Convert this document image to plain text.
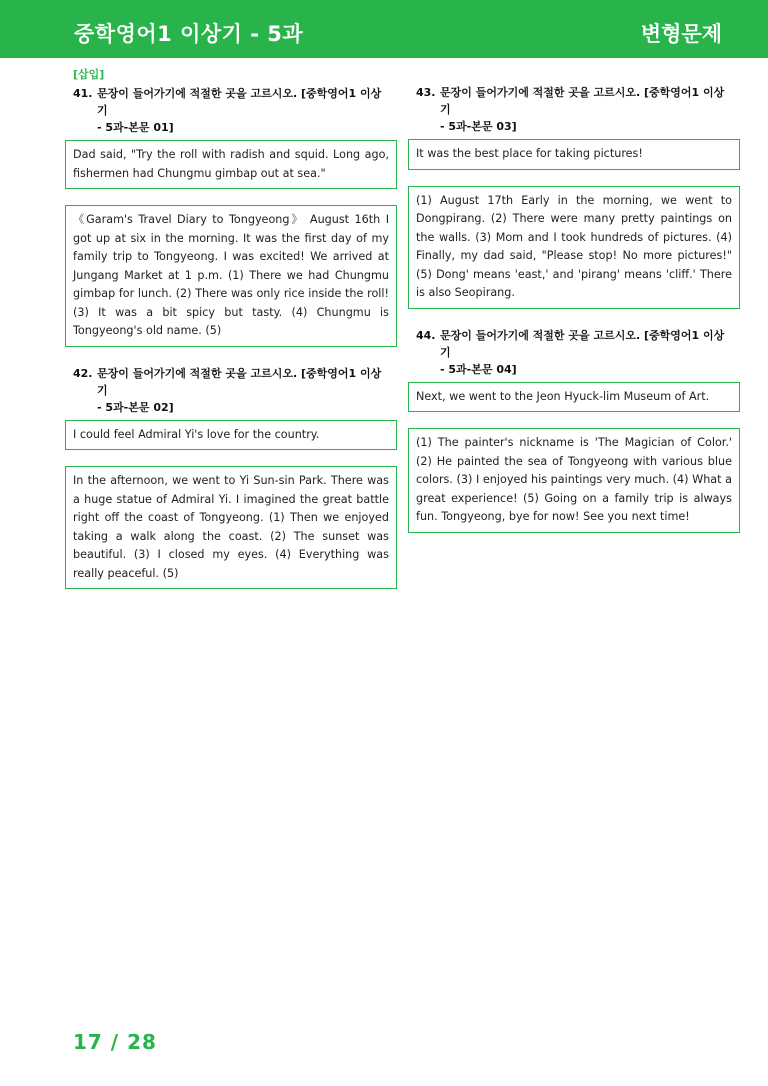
중학영어1 이상기 - 5과	변형문제
[삽입]
41. 문장이 들어가기에 적절한 곳을 고르시오. [중학영어1 이상기
- 5과-본문 01]
Dad said, "Try the roll with radish and squid. Long ago, fishermen had Chungmu gimbap out at sea."
《Garam's Travel Diary to Tongyeong》 August 16th I got up at six in the morning. It was the first day of my family trip to Tongyeong. I was excited! We arrived at Jungang Market at 1 p.m. (1) There we had Chungmu gimbap for lunch. (2) There was only rice inside the roll! (3) It was a bit spicy but tasty. (4) Chungmu is Tongyeong's old name. (5)
42. 문장이 들어가기에 적절한 곳을 고르시오. [중학영어1 이상기
- 5과-본문 02]
I could feel Admiral Yi's love for the country.
In the afternoon, we went to Yi Sun-sin Park. There was a huge statue of Admiral Yi. I imagined the great battle right off the coast of Tongyeong. (1) Then we enjoyed taking a walk along the coast. (2) The sunset was beautiful. (3) I closed my eyes. (4) Everything was really peaceful. (5)
43. 문장이 들어가기에 적절한 곳을 고르시오. [중학영어1 이상기
- 5과-본문 03]
It was the best place for taking pictures!
(1) August 17th Early in the morning, we went to Dongpirang. (2) There were many pretty paintings on the walls. (3) Mom and I took hundreds of pictures. (4) Finally, my dad said, "Please stop! No more pictures!" (5) Dong' means 'east,' and 'pirang' means 'cliff.' There is also Seopirang.
44. 문장이 들어가기에 적절한 곳을 고르시오. [중학영어1 이상기
- 5과-본문 04]
Next, we went to the Jeon Hyuck-lim Museum of Art.
(1) The painter's nickname is 'The Magician of Color.' (2) He painted the sea of Tongyeong with various blue colors. (3) I enjoyed his paintings very much. (4) What a great experience! (5) Going on a family trip is always fun. Tongyeong, bye for now! See you next time!
17 / 28
